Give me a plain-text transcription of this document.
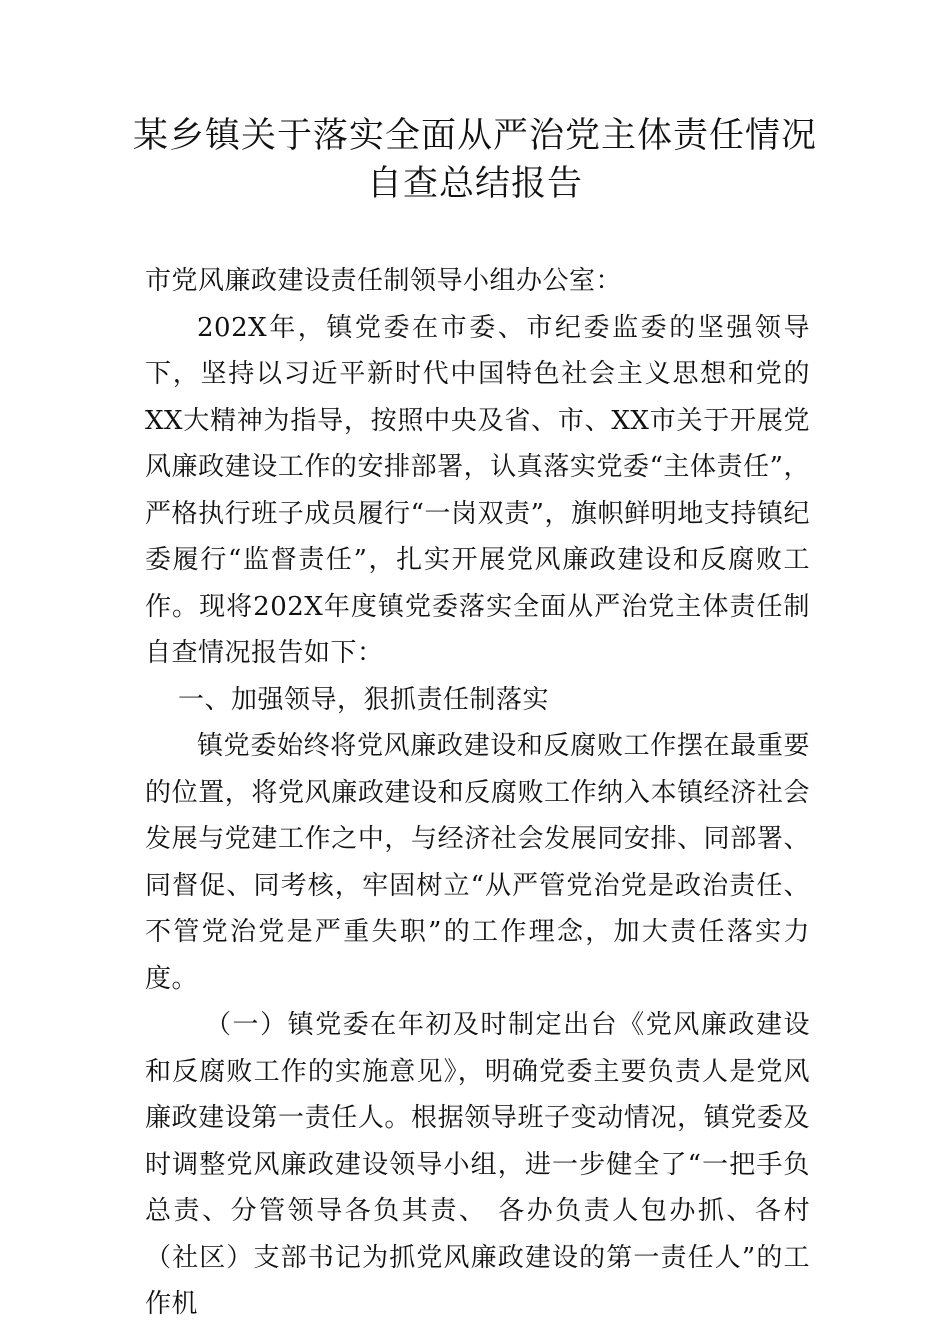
某乡镇关于落实全面从严治党主体责任情况自查总结报告

市党风廉政建设责任制领导小组办公室：

202X年，镇党委在市委、市纪委监委的坚强领导下，坚持以习近平新时代中国特色社会主义思想和党的XX大精神为指导，按照中央及省、市、XX市关于开展党风廉政建设工作的安排部署，认真落实党委“主体责任”，严格执行班子成员履行“一岗双责”，旗帜鲜明地支持镇纪委履行“监督责任”，扎实开展党风廉政建设和反腐败工作。现将202X年度镇党委落实全面从严治党主体责任制自查情况报告如下：

一、加强领导，狠抓责任制落实

镇党委始终将党风廉政建设和反腐败工作摆在最重要的位置，将党风廉政建设和反腐败工作纳入本镇经济社会发展与党建工作之中，与经济社会发展同安排、同部署、同督促、同考核，牢固树立“从严管党治党是政治责任、不管党治党是严重失职”的工作理念，加大责任落实力度。

（一）镇党委在年初及时制定出台《党风廉政建设和反腐败工作的实施意见》，明确党委主要负责人是党风廉政建设第一责任人。根据领导班子变动情况，镇党委及时调整党风廉政建设领导小组，进一步健全了“一把手负总责、分管领导各负其责、 各办负责人包办抓、各村（社区）支部书记为抓党风廉政建设的第一责任人”的工作机
